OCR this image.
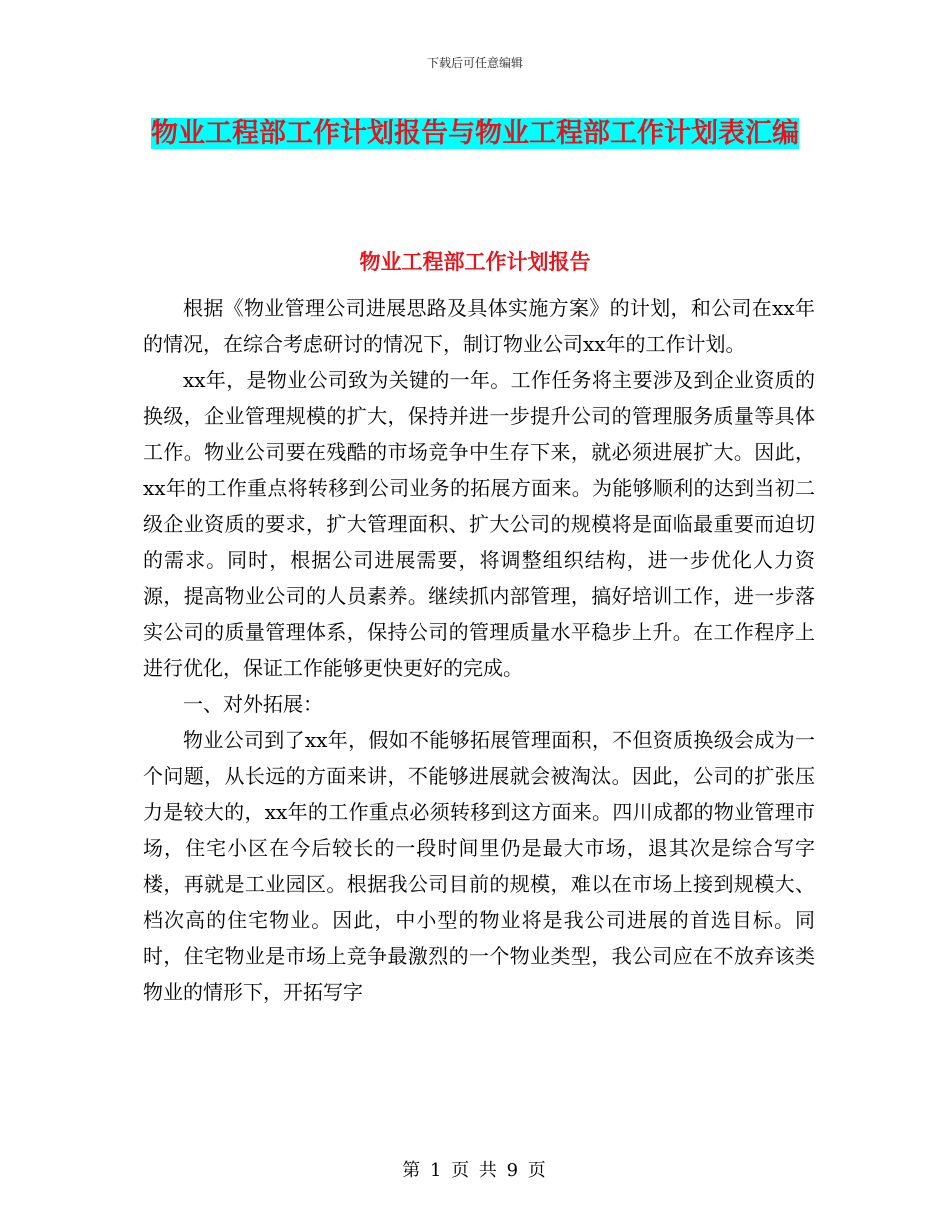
下载后可任意编辑
物业工程部工作计划报告与物业工程部工作计划表汇编
物业工程部工作计划报告

根据《物业管理公司进展思路及具体实施方案》的计划，和公司在xx年的情况，在综合考虑研讨的情况下，制订物业公司xx年的工作计划。

xx年，是物业公司致为关键的一年。工作任务将主要涉及到企业资质的换级，企业管理规模的扩大，保持并进一步提升公司的管理服务质量等具体工作。物业公司要在残酷的市场竞争中生存下来，就必须进展扩大。因此，xx年的工作重点将转移到公司业务的拓展方面来。为能够顺利的达到当初二级企业资质的要求，扩大管理面积、扩大公司的规模将是面临最重要而迫切的需求。同时，根据公司进展需要，将调整组织结构，进一步优化人力资源，提高物业公司的人员素养。继续抓内部管理，搞好培训工作，进一步落实公司的质量管理体系，保持公司的管理质量水平稳步上升。在工作程序上进行优化，保证工作能够更快更好的完成。

一、对外拓展：

物业公司到了xx年，假如不能够拓展管理面积，不但资质换级会成为一个问题，从长远的方面来讲，不能够进展就会被淘汰。因此，公司的扩张压力是较大的，xx年的工作重点必须转移到这方面来。四川成都的物业管理市场，住宅小区在今后较长的一段时间里仍是最大市场，退其次是综合写字楼，再就是工业园区。根据我公司目前的规模，难以在市场上接到规模大、档次高的住宅物业。因此，中小型的物业将是我公司进展的首选目标。同时，住宅物业是市场上竞争最激烈的一个物业类型，我公司应在不放弃该类物业的情形下，开拓写字

第 1 页 共 9 页
